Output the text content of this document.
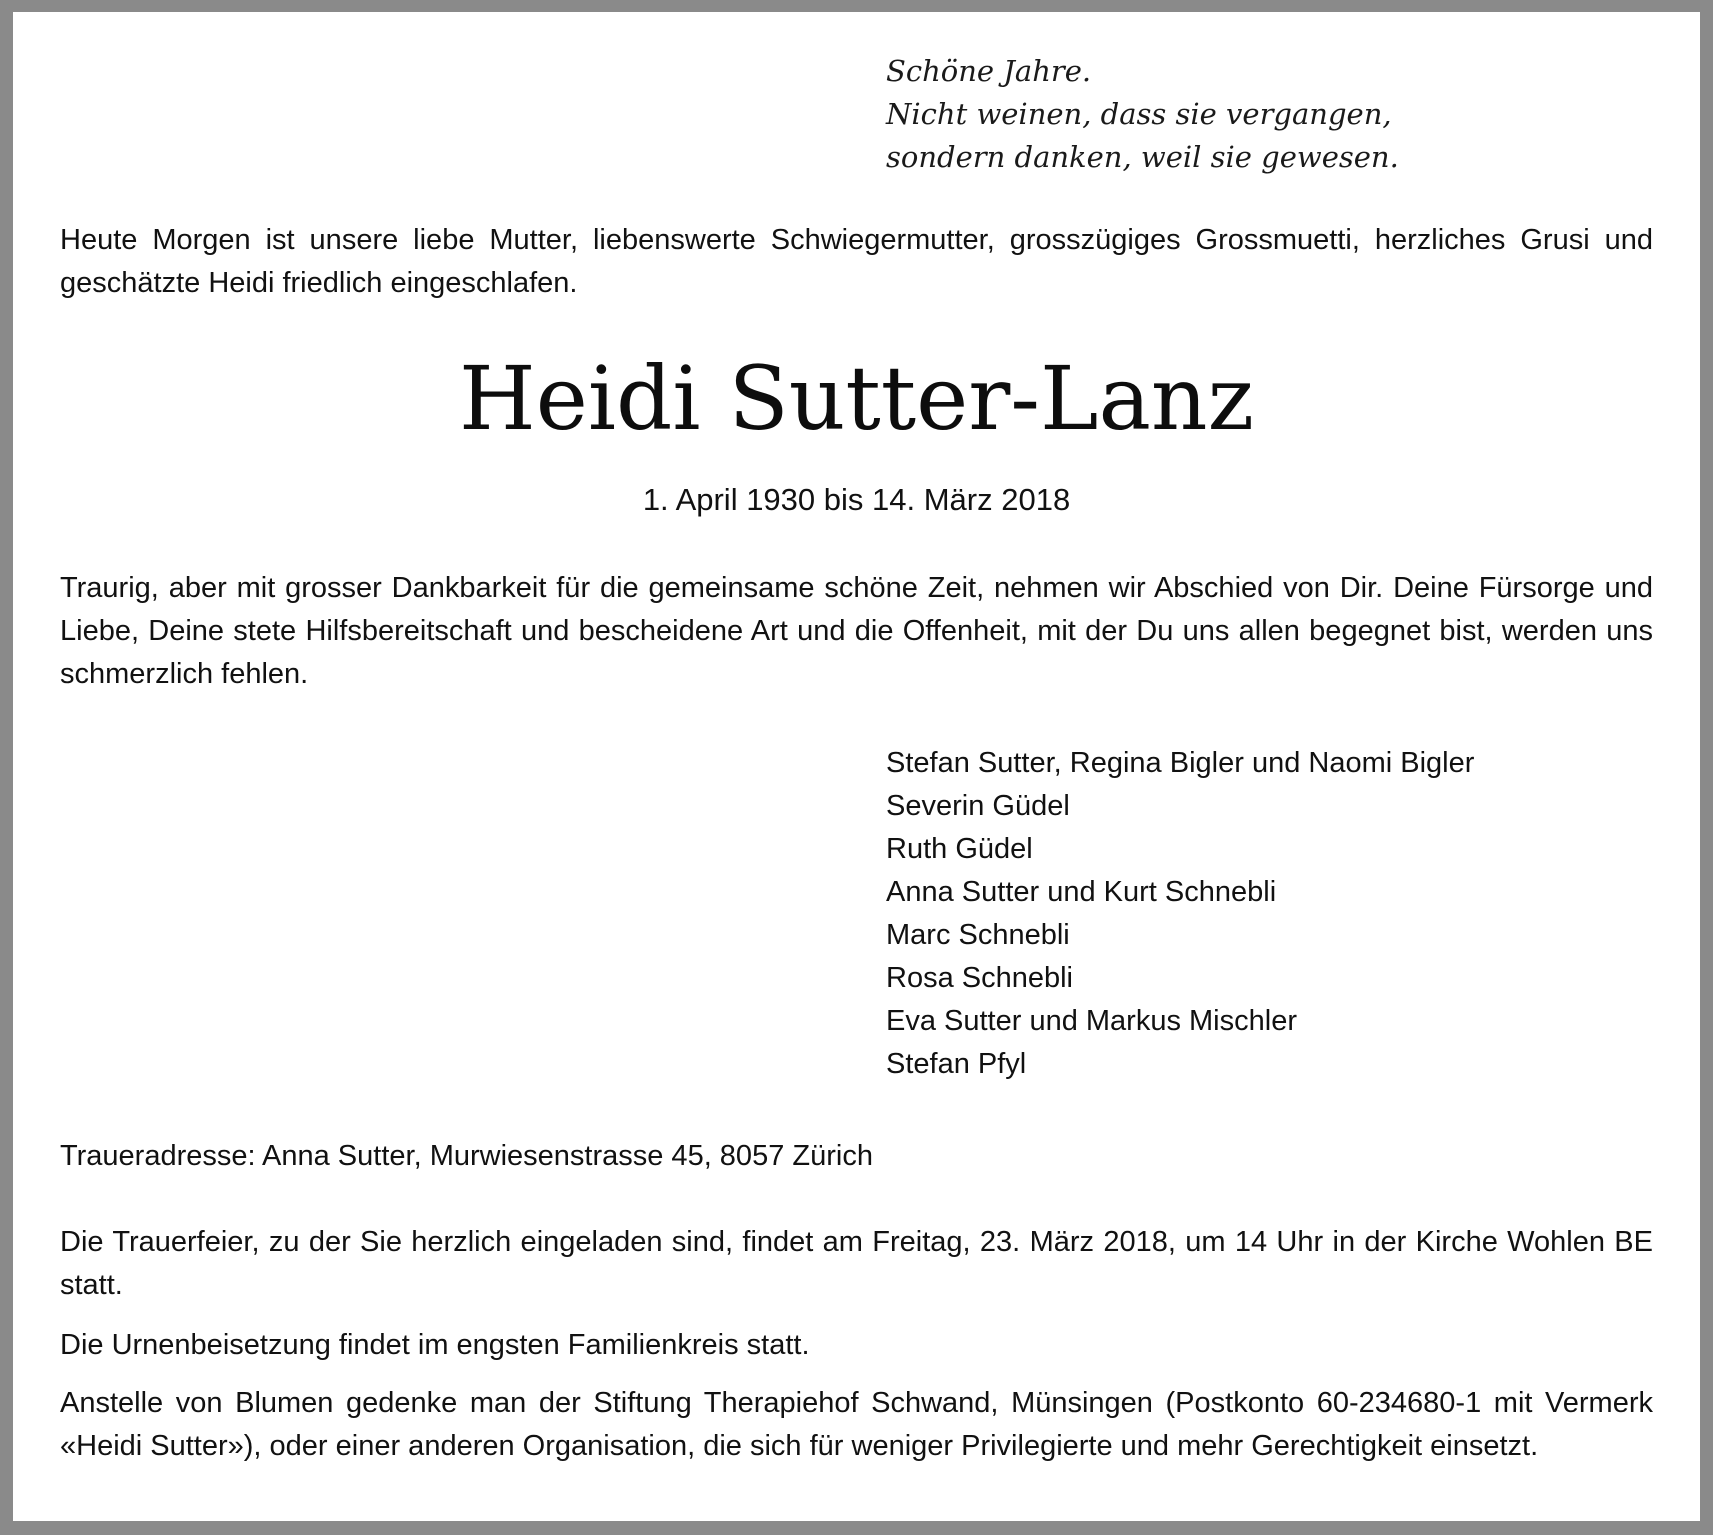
Schöne Jahre.
Nicht weinen, dass sie vergangen,
sondern danken, weil sie gewesen.
Heute Morgen ist unsere liebe Mutter, liebenswerte Schwiegermutter, grosszügiges Grossmuetti, herzliches Grusi und geschätzte Heidi friedlich eingeschlafen.
Heidi Sutter-Lanz
1. April 1930 bis 14. März 2018
Traurig, aber mit grosser Dankbarkeit für die gemeinsame schöne Zeit, nehmen wir Abschied von Dir. Deine Fürsorge und Liebe, Deine stete Hilfsbereitschaft und bescheidene Art und die Offenheit, mit der Du uns allen begegnet bist, werden uns schmerzlich fehlen.
Stefan Sutter, Regina Bigler und Naomi Bigler
Severin Güdel
Ruth Güdel
Anna Sutter und Kurt Schnebli
Marc Schnebli
Rosa Schnebli
Eva Sutter und Markus Mischler
Stefan Pfyl
Traueradresse: Anna Sutter, Murwiesenstrasse 45, 8057 Zürich
Die Trauerfeier, zu der Sie herzlich eingeladen sind, findet am Freitag, 23. März 2018, um 14 Uhr in der Kirche Wohlen BE statt.
Die Urnenbeisetzung findet im engsten Familienkreis statt.
Anstelle von Blumen gedenke man der Stiftung Therapiehof Schwand, Münsingen (Postkonto 60-234680-1 mit Vermerk «Heidi Sutter»), oder einer anderen Organisation, die sich für weniger Privilegierte und mehr Gerechtigkeit einsetzt.
